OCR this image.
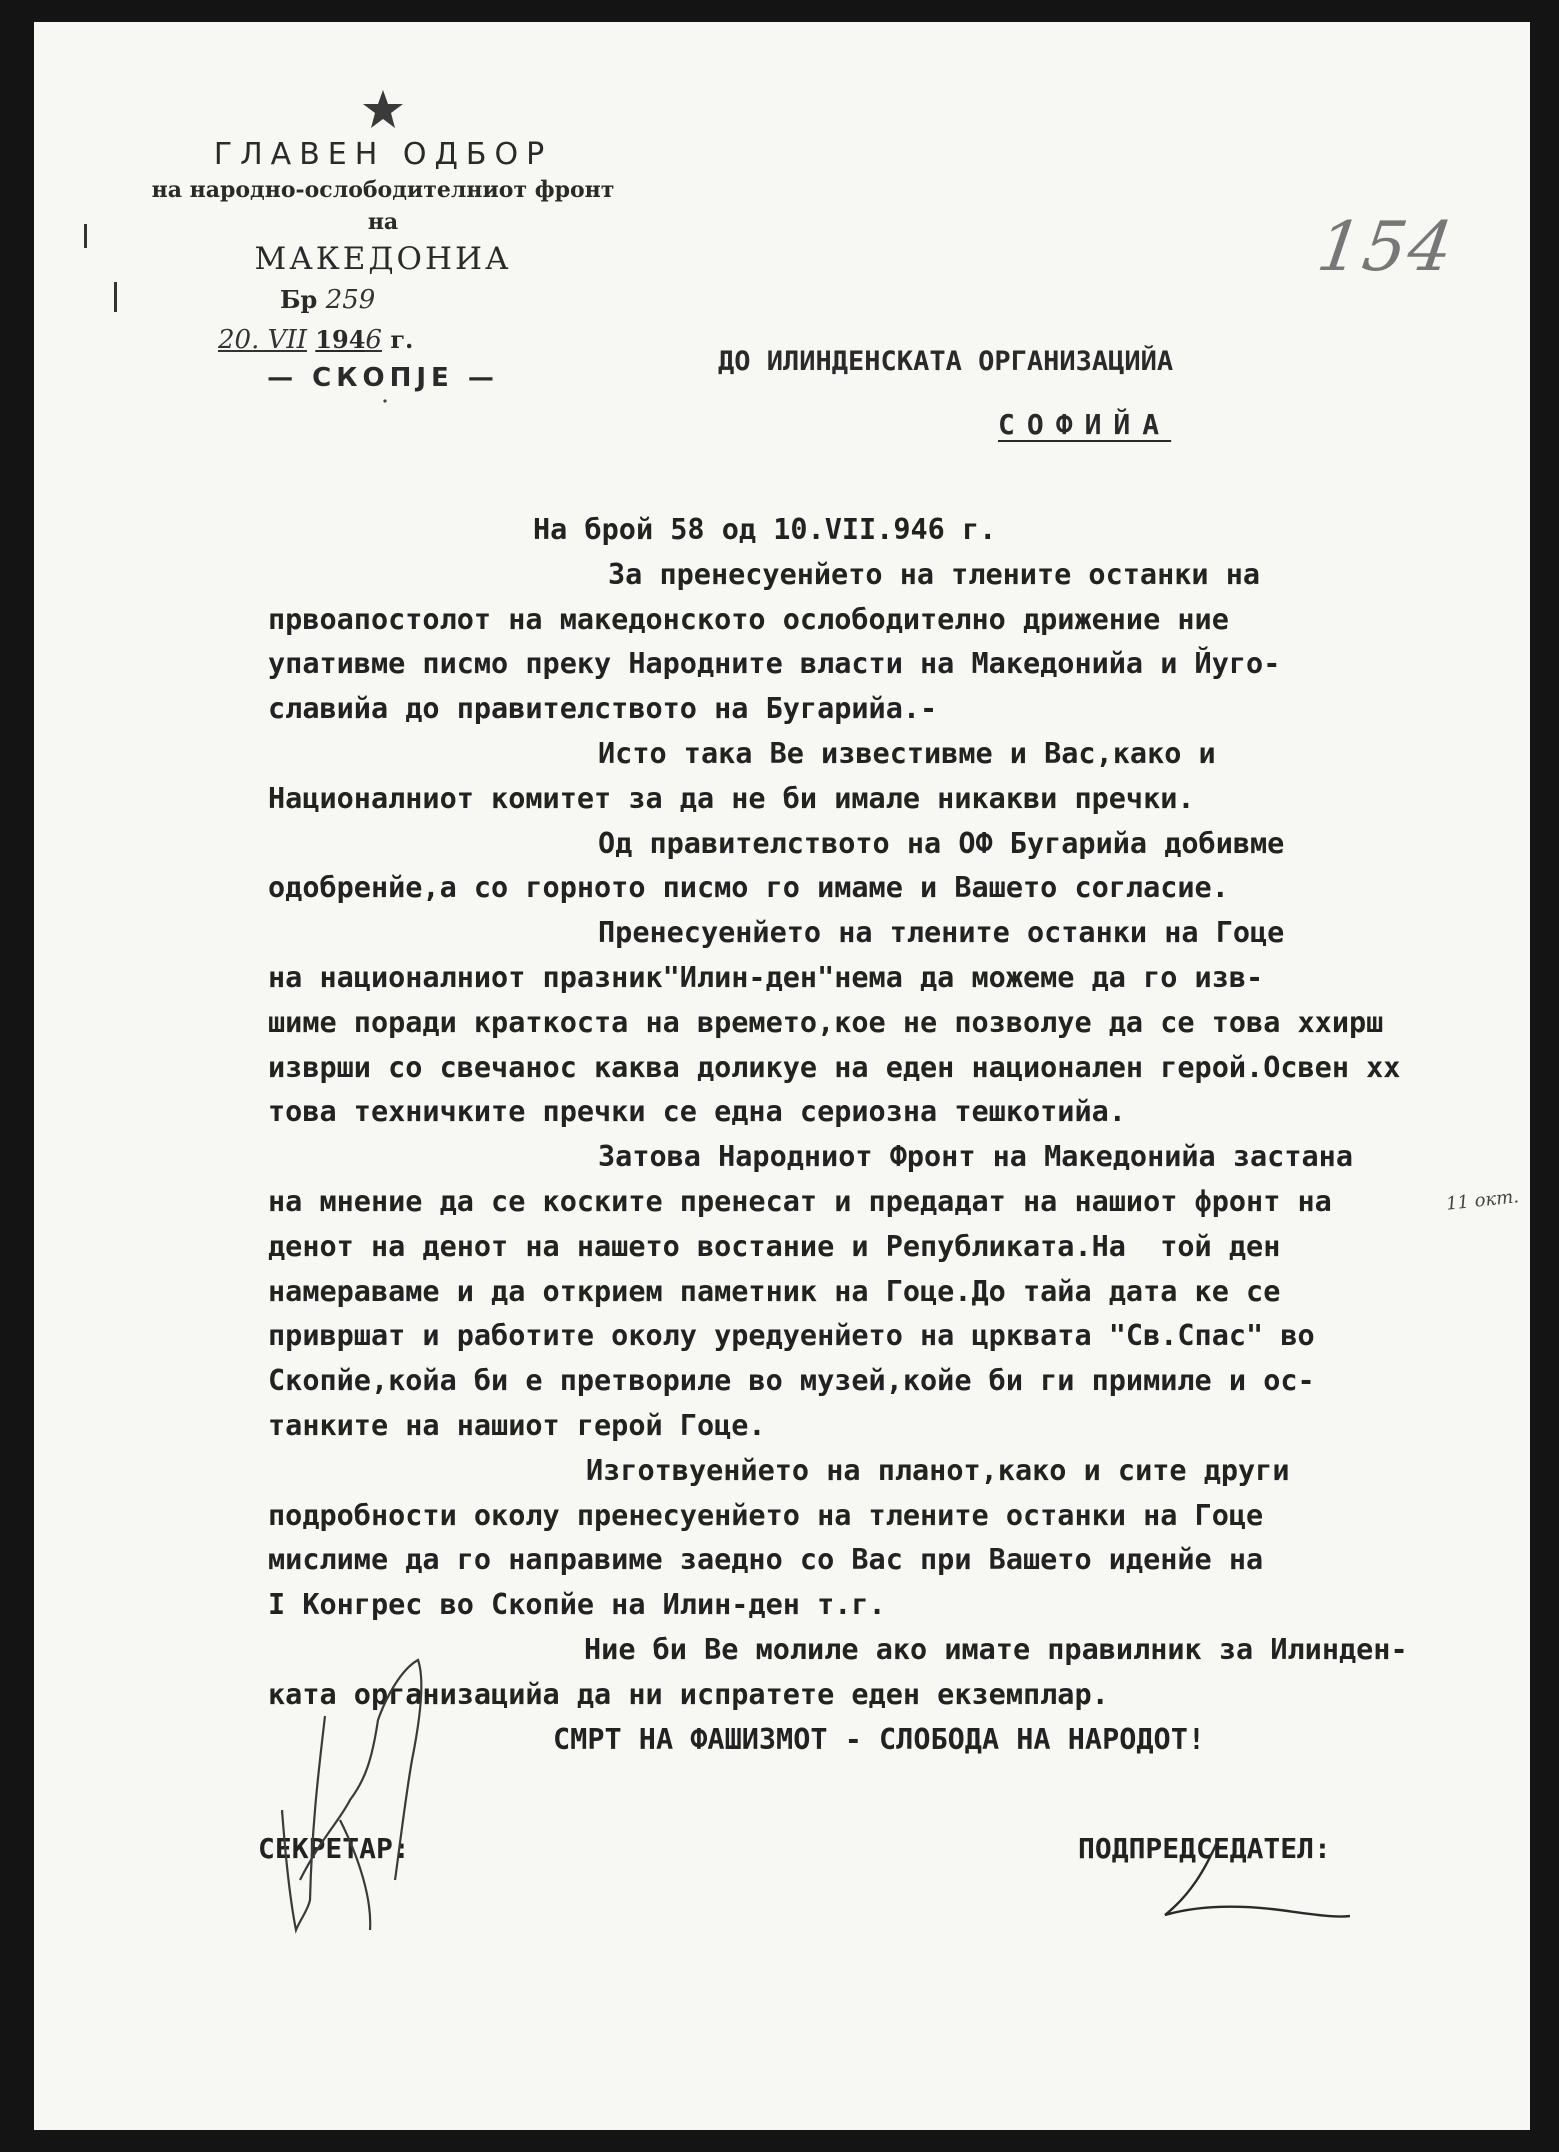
ГЛАВЕН ОДБОР
на народно-ослободителниот фронт на
МАКЕДОНИА
Бр 259
20. VII 1946 г.
— СКОПЈЕ —
154
ДО ИЛИНДЕНСКАТА ОРГАНИЗАЦИЙА
СОФИЙА

На брой 58 од 10.VII.946 г.

За пренесуенйето на тлените останки на

првоапостолот на македонското ослободително дрижение ние

упативме писмо преку Народните власти на Македонийа и Йуго-

славийа до правителството на Бугарийа.-

Исто така Ве известивме и Вас,како и

Националниот комитет за да не би имале никакви пречки.

Од правителството на ОФ Бугарийа добивме

одобренйе,а со горното писмо го имаме и Вашето согласие.

Пренесуенйето на тлените останки на Гоце

на националниот празник"Илин-ден"нема да можеме да го изв-

шиме поради краткоста на времето,кое не позволуе да се това ххирш

изврши со свечанос каква доликуе на еден национален герой.Освен хх

това техничките пречки се една сериозна тешкотийа.

Затова Народниот Фронт на Македонийа застана

на мнение да се коските пренесат и предадат на нашиот фронт на

денот на денот на нашето востание и Републиката.На  той ден

намераваме и да открием паметник на Гоце.До тайа дата ке се

привршат и работите околу уредуенйето на црквата "Св.Спас" во

Скопйе,койа би е претвориле во музей,койе би ги примиле и ос-

танките на нашиот герой Гоце.

Изготвуенйето на планот,како и сите други

подробности околу пренесуенйето на тлените останки на Гоце

мислиме да го направиме заедно со Вас при Вашето иденйе на

I Конгрес во Скопйе на Илин-ден т.г.

Ние би Ве молиле ако имате правилник за Илинден-

ката организацийа да ни испратете еден екземплар.

СМРТ НА ФАШИЗМОТ - СЛОБОДА НА НАРОДОТ!

11 окт.
СЕКРЕТАР:	ПОДПРЕДСЕДАТЕЛ:
